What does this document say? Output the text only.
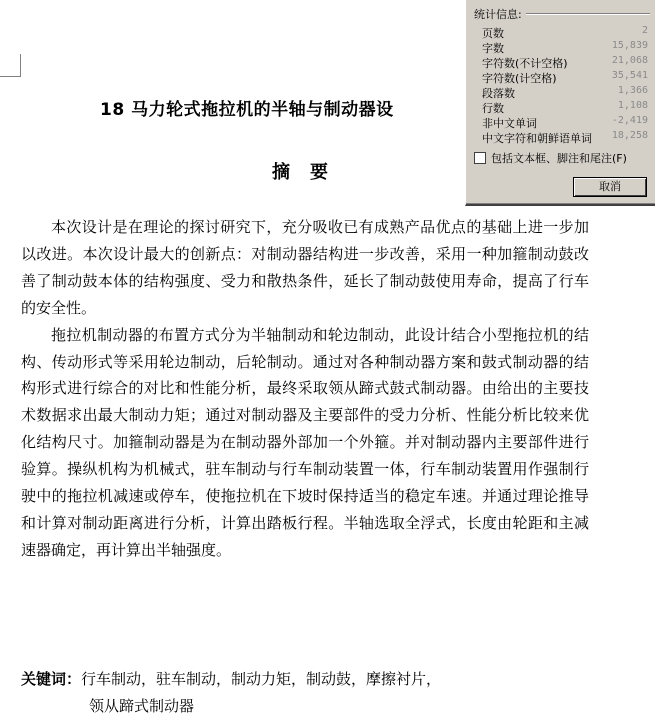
18 马力轮式拖拉机的半轴与制动器设
摘要

本次设计是在理论的探讨研究下，充分吸收已有成熟产品优点的基础上进一步加以改进。本次设计最大的创新点：对制动器结构进一步改善，采用一种加箍制动鼓改善了制动鼓本体的结构强度、受力和散热条件，延长了制动鼓使用寿命，提高了行车的安全性。

拖拉机制动器的布置方式分为半轴制动和轮边制动，此设计结合小型拖拉机的结构、传动形式等采用轮边制动，后轮制动。通过对各种制动器方案和鼓式制动器的结构形式进行综合的对比和性能分析，最终采取领从蹄式鼓式制动器。由给出的主要技术数据求出最大制动力矩；通过对制动器及主要部件的受力分析、性能分析比较来优化结构尺寸。加箍制动器是为在制动器外部加一个外箍。并对制动器内主要部件进行验算。操纵机构为机械式，驻车制动与行车制动装置一体，行车制动装置用作强制行驶中的拖拉机减速或停车，使拖拉机在下坡时保持适当的稳定车速。并通过理论推导和计算对制动距离进行分析，计算出踏板行程。半轴选取全浮式，长度由轮距和主减速器确定，再计算出半轴强度。

关键词：行车制动，驻车制动，制动力矩，制动鼓，摩擦衬片，
领从蹄式制动器
统计信息:
页数	2
字数	15,839
字符数(不计空格)	21,068
字符数(计空格)	35,541
段落数	1,366
行数	1,108
非中文单词	-2,419
中文字符和朝鲜语单词 18,258
包括文本框、脚注和尾注(F)
取消
